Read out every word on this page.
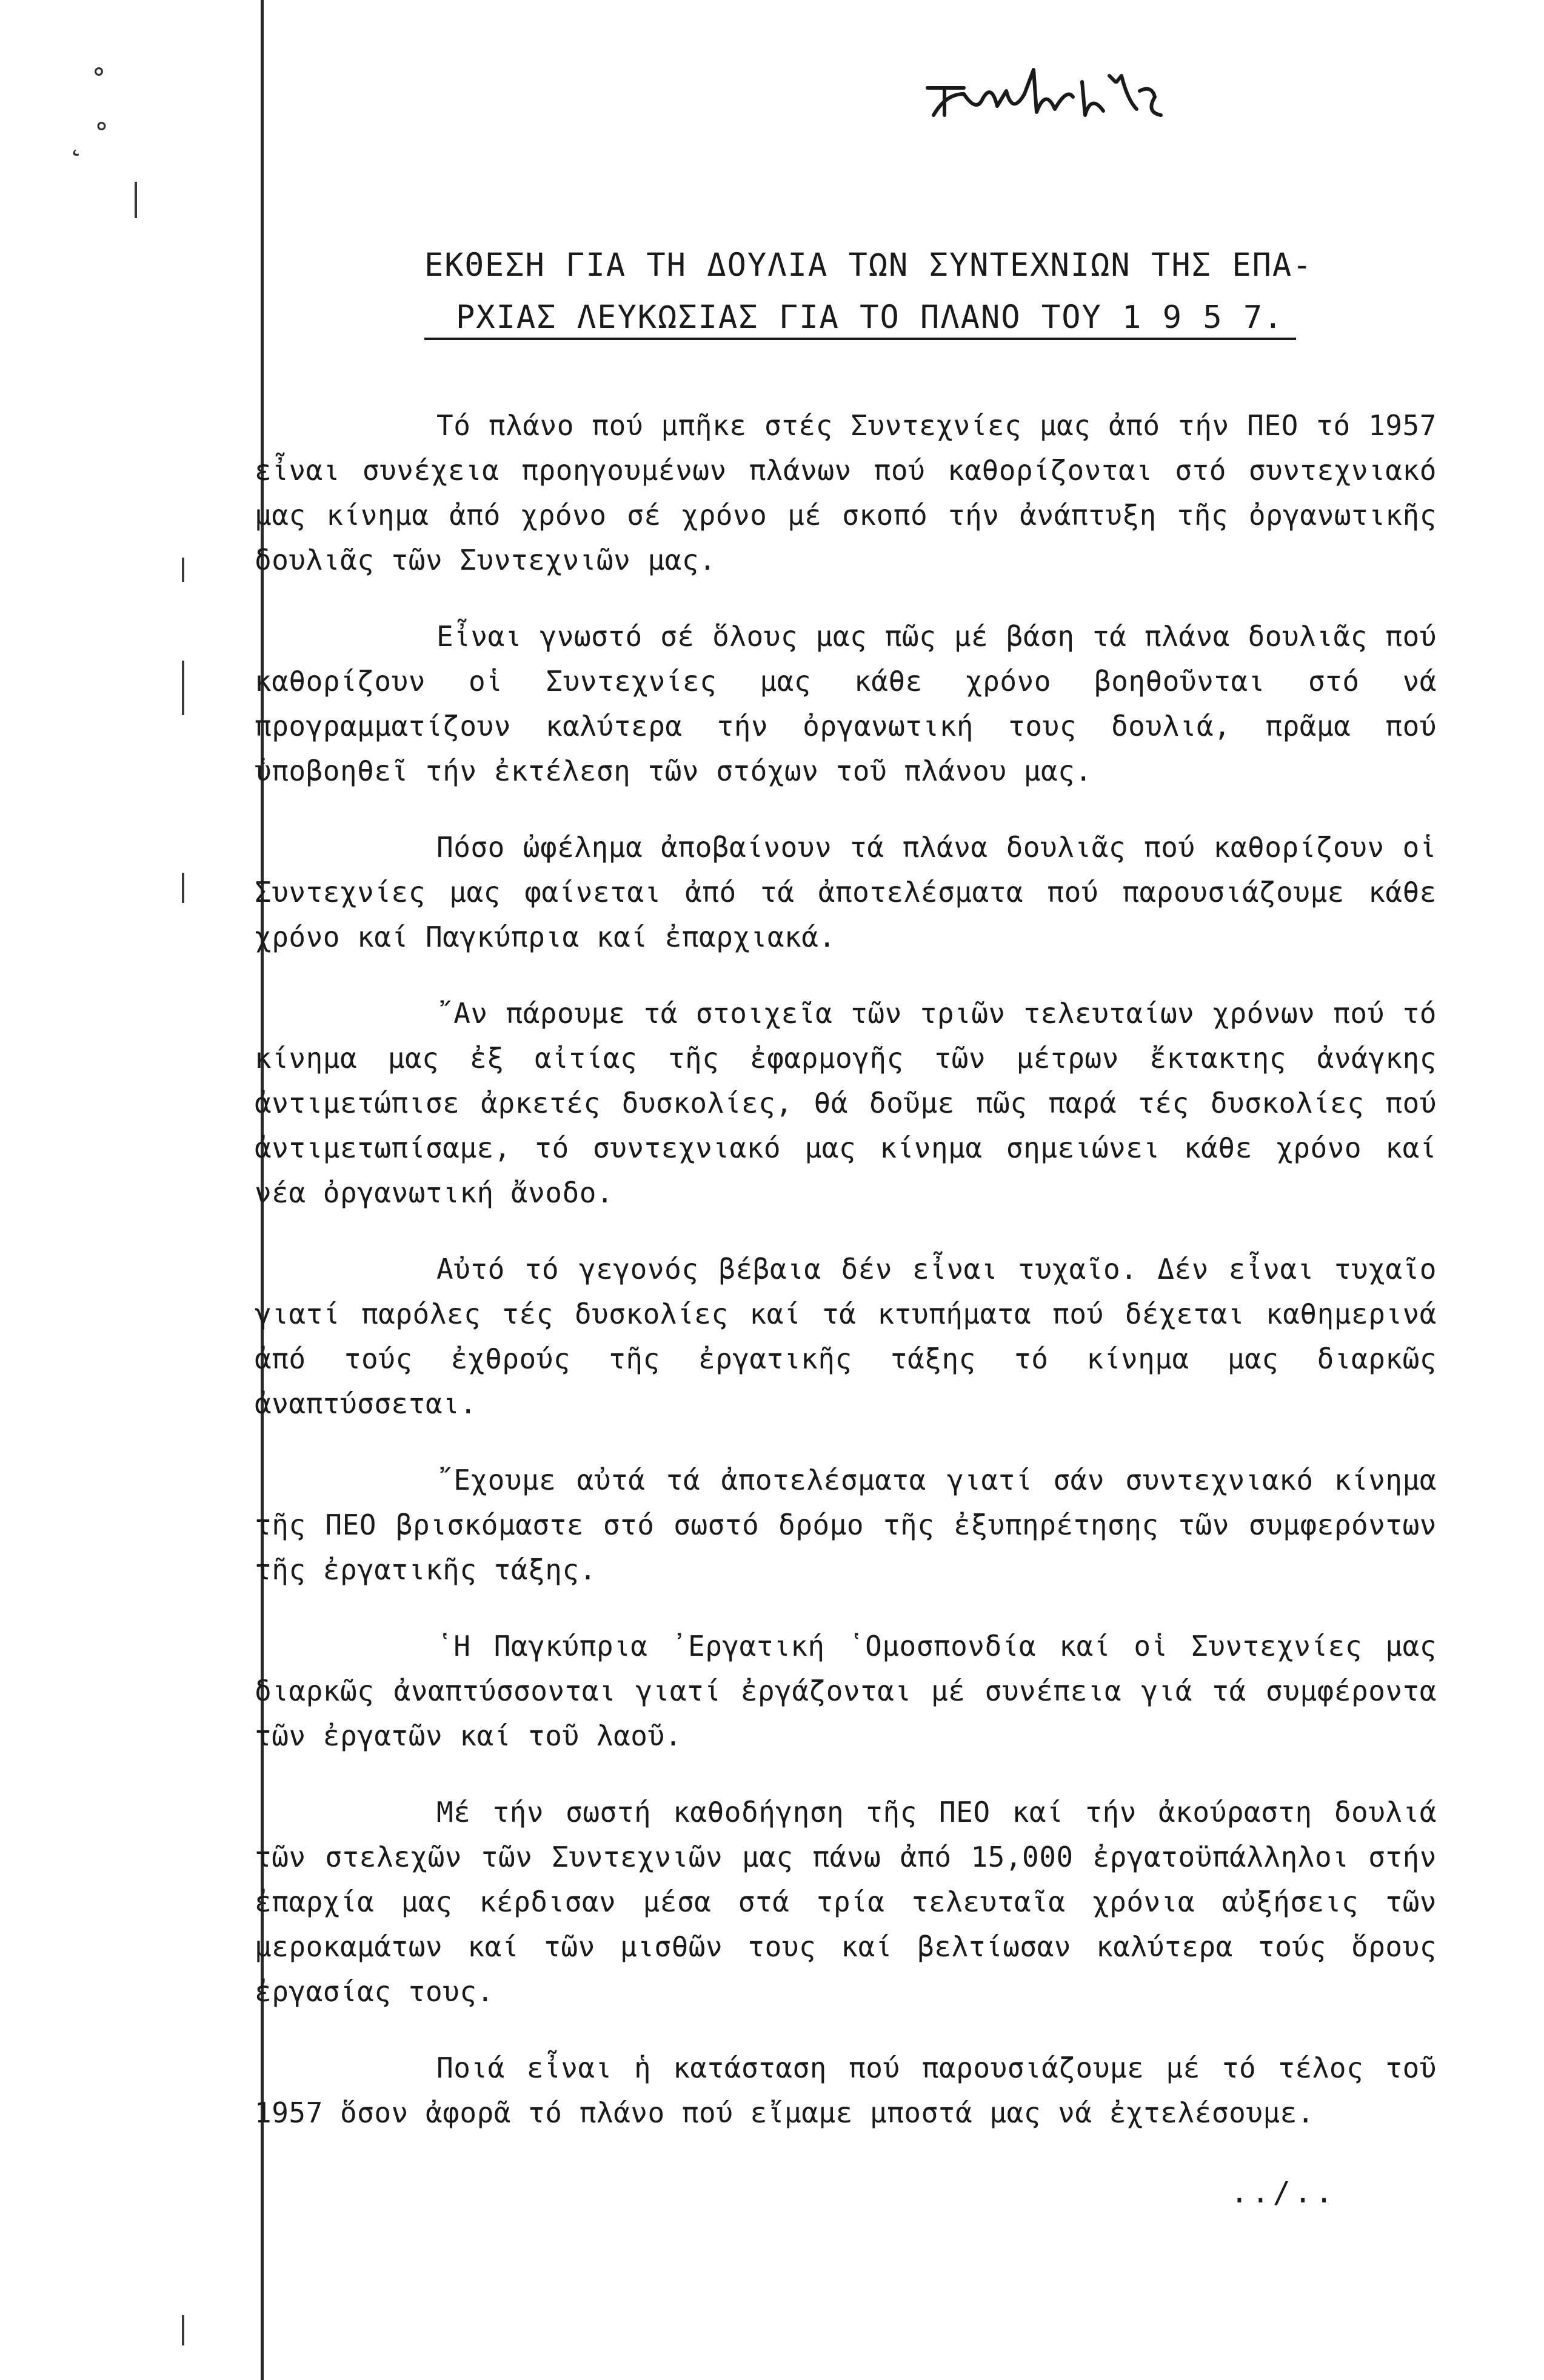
˚
˛ ˚
ΕΚΘΕΣΗ ΓΙΑ ΤΗ ΔΟΥΛΙΑ ΤΩΝ ΣΥΝΤΕΧΝΙΩΝ ΤΗΣ ΕΠΑ-
ΡΧΙΑΣ ΛΕΥΚΩΣΙΑΣ ΓΙΑ ΤΟ ΠΛΑΝΟ ΤΟΥ 1 9 5 7.

Τό πλάνο πού μπῆκε στές Συντεχνίες μας ἀπό τήν ΠΕΟ τό 1957 εἶναι συνέχεια προηγουμένων πλάνων πού καθορίζονται στό συντεχνιακό μας κίνημα ἀπό χρόνο σέ χρόνο μέ σκοπό τήν ἀνάπτυξη τῆς ὀργανωτικῆς δουλιᾶς τῶν Συντεχνιῶν μας.

Εἶναι γνωστό σέ ὅλους μας πῶς μέ βάση τά πλάνα δουλιᾶς πού καθορίζουν οἱ Συντεχνίες μας κάθε χρόνο βοηθοῦνται στό νά προγραμματίζουν καλύτερα τήν ὀργανωτική τους δουλιά, πρᾶμα πού ὑποβοηθεῖ τήν ἐκτέλεση τῶν στόχων τοῦ πλάνου μας.

Πόσο ὠφέλημα ἀποβαίνουν τά πλάνα δουλιᾶς πού καθορίζουν οἱ Συντεχνίες μας φαίνεται ἀπό τά ἀποτελέσματα πού παρουσιάζουμε κάθε χρόνο καί Παγκύπρια καί ἐπαρχιακά.

῎Αν πάρουμε τά στοιχεῖα τῶν τριῶν τελευταίων χρόνων πού τό κίνημα μας ἐξ αἰτίας τῆς ἐφαρμογῆς τῶν μέτρων ἔκτακτης ἀνάγκης ἀντιμετώπισε ἀρκετές δυσκολίες, θά δοῦμε πῶς παρά τές δυσκολίες πού ἀντιμετωπίσαμε, τό συντεχνιακό μας κίνημα σημειώνει κάθε χρόνο καί νέα ὀργανωτική ἄνοδο.

Αὐτό τό γεγονός βέβαια δέν εἶναι τυχαῖο. Δέν εἶναι τυχαῖο γιατί παρόλες τές δυσκολίες καί τά κτυπήματα πού δέχεται καθημερινά ἀπό τούς ἐχθρούς τῆς ἐργατικῆς τάξης τό κίνημα μας διαρκῶς ἀναπτύσσεται.

῎Εχουμε αὐτά τά ἀποτελέσματα γιατί σάν συντεχνιακό κίνημα τῆς ΠΕΟ βρισκόμαστε στό σωστό δρόμο τῆς ἐξυπηρέτησης τῶν συμφερόντων τῆς ἐργατικῆς τάξης.

῾Η Παγκύπρια ᾿Εργατική ῾Ομοσπονδία καί οἱ Συντεχνίες μας διαρκῶς ἀναπτύσσονται γιατί ἐργάζονται μέ συνέπεια γιά τά συμφέροντα τῶν ἐργατῶν καί τοῦ λαοῦ.

Μέ τήν σωστή καθοδήγηση τῆς ΠΕΟ καί τήν ἀκούραστη δουλιά τῶν στελεχῶν τῶν Συντεχνιῶν μας πάνω ἀπό 15,000 ἐργατοϋπάλληλοι στήν ἐπαρχία μας κέρδισαν μέσα στά τρία τελευταῖα χρόνια αὐξήσεις τῶν μεροκαμάτων καί τῶν μισθῶν τους καί βελτίωσαν καλύτερα τούς ὅρους ἐργασίας τους.

Ποιά εἶναι ἡ κατάσταση πού παρουσιάζουμε μέ τό τέλος τοῦ 1957 ὅσον ἀφορᾶ τό πλάνο πού εἴμαμε μποστά μας νά ἐχτελέσουμε.

../..
